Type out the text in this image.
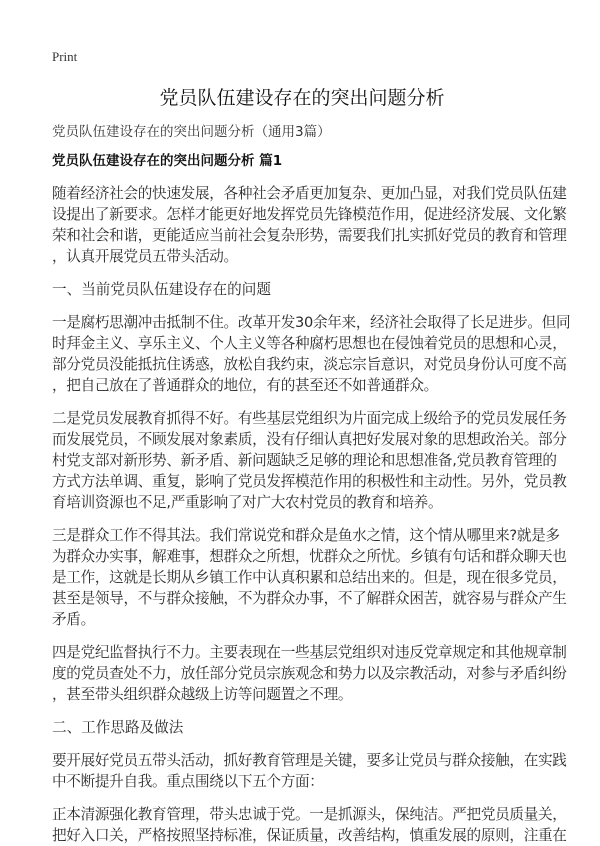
Print
党员队伍建设存在的突出问题分析
党员队伍建设存在的突出问题分析（通用3篇）
党员队伍建设存在的突出问题分析 篇1
随着经济社会的快速发展，各种社会矛盾更加复杂、更加凸显，对我们党员队伍建
设提出了新要求。怎样才能更好地发挥党员先锋模范作用，促进经济发展、文化繁
荣和社会和谐，更能适应当前社会复杂形势，需要我们扎实抓好党员的教育和管理
，认真开展党员五带头活动。
一、当前党员队伍建设存在的问题
一是腐朽思潮冲击抵制不住。改革开发30余年来，经济社会取得了长足进步。但同
时拜金主义、享乐主义、个人主义等各种腐朽思想也在侵蚀着党员的思想和心灵，
部分党员没能抵抗住诱惑，放松自我约束，淡忘宗旨意识，对党员身份认可度不高
，把自己放在了普通群众的地位，有的甚至还不如普通群众。
二是党员发展教育抓得不好。有些基层党组织为片面完成上级给予的党员发展任务
而发展党员，不顾发展对象素质，没有仔细认真把好发展对象的思想政治关。部分
村党支部对新形势、新矛盾、新问题缺乏足够的理论和思想准备,党员教育管理的
方式方法单调、重复，影响了党员发挥模范作用的积极性和主动性。另外，党员教
育培训资源也不足,严重影响了对广大农村党员的教育和培养。
三是群众工作不得其法。我们常说党和群众是鱼水之情，这个情从哪里来?就是多
为群众办实事，解难事，想群众之所想，忧群众之所忧。乡镇有句话和群众聊天也
是工作，这就是长期从乡镇工作中认真积累和总结出来的。但是，现在很多党员，
甚至是领导，不与群众接触，不为群众办事，不了解群众困苦，就容易与群众产生
矛盾。
四是党纪监督执行不力。主要表现在一些基层党组织对违反党章规定和其他规章制
度的党员查处不力，放任部分党员宗族观念和势力以及宗教活动，对参与矛盾纠纷
，甚至带头组织群众越级上访等问题置之不理。
二、工作思路及做法
要开展好党员五带头活动，抓好教育管理是关键，要多让党员与群众接触，在实践
中不断提升自我。重点围绕以下五个方面：
正本清源强化教育管理，带头忠诚于党。一是抓源头，保纯洁。严把党员质量关，
把好入口关，严格按照坚持标准，保证质量，改善结构，慎重发展的原则，注重在
